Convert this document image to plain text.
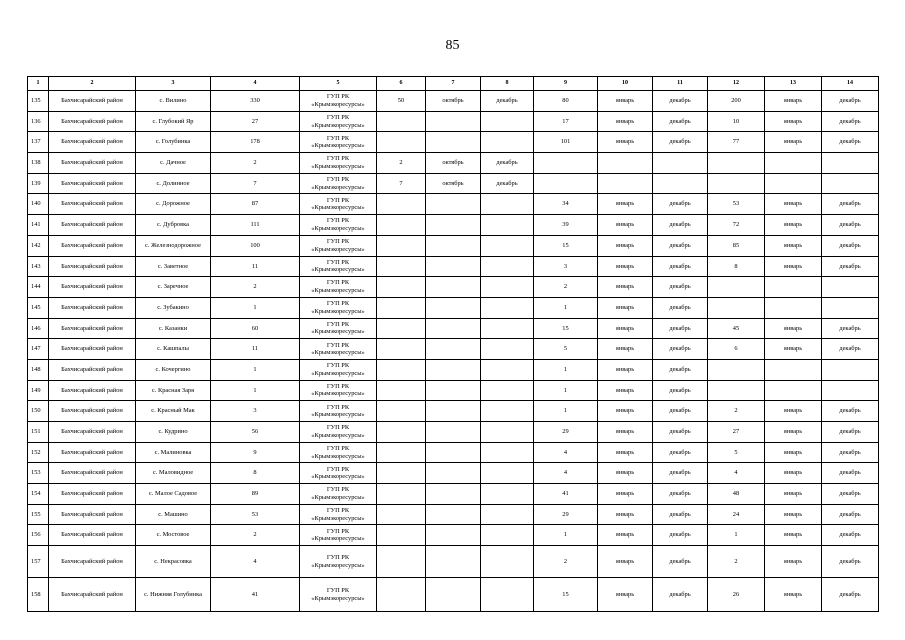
85
1	2	3	4	5	6	7	8	9	10	11	12	13	14
135	Бахчисарайский район	с. Вилино	330	ГУП РК «Крымэкоресурсы»	50	октябрь	декабрь	80	январь	декабрь	200	январь	декабрь
136	Бахчисарайский район	с. Глубокий Яр	27	ГУП РК «Крымэкоресурсы»				17	январь	декабрь	10	январь	декабрь
137	Бахчисарайский район	с. Голубинка	178	ГУП РК «Крымэкоресурсы»				101	январь	декабрь	77	январь	декабрь
138	Бахчисарайский район	с. Дачное	2	ГУП РК «Крымэкоресурсы»	2	октябрь	декабрь						
139	Бахчисарайский район	с. Долинное	7	ГУП РК «Крымэкоресурсы»	7	октябрь	декабрь						
140	Бахчисарайский район	с. Дорожное	87	ГУП РК «Крымэкоресурсы»				34	январь	декабрь	53	январь	декабрь
141	Бахчисарайский район	с. Дубровка	111	ГУП РК «Крымэкоресурсы»				39	январь	декабрь	72	январь	декабрь
142	Бахчисарайский район	с. Железнодорожное	100	ГУП РК «Крымэкоресурсы»				15	январь	декабрь	85	январь	декабрь
143	Бахчисарайский район	с. Заветное	11	ГУП РК «Крымэкоресурсы»				3	январь	декабрь	8	январь	декабрь
144	Бахчисарайский район	с. Заречное	2	ГУП РК «Крымэкоресурсы»				2	январь	декабрь			
145	Бахчисарайский район	с. Зубакино	1	ГУП РК «Крымэкоресурсы»				1	январь	декабрь			
146	Бахчисарайский район	с. Казанки	60	ГУП РК «Крымэкоресурсы»				15	январь	декабрь	45	январь	декабрь
147	Бахчисарайский район	с. Кашпалы	11	ГУП РК «Крымэкоресурсы»				5	январь	декабрь	6	январь	декабрь
148	Бахчисарайский район	с. Кочергино	1	ГУП РК «Крымэкоресурсы»				1	январь	декабрь			
149	Бахчисарайский район	с. Красная Заря	1	ГУП РК «Крымэкоресурсы»				1	январь	декабрь			
150	Бахчисарайский район	с. Красный Мак	3	ГУП РК «Крымэкоресурсы»				1	январь	декабрь	2	январь	декабрь
151	Бахчисарайский район	с. Кудрино	56	ГУП РК «Крымэкоресурсы»				29	январь	декабрь	27	январь	декабрь
152	Бахчисарайский район	с. Малиновка	9	ГУП РК «Крымэкоресурсы»				4	январь	декабрь	5	январь	декабрь
153	Бахчисарайский район	с. Маловидное	8	ГУП РК «Крымэкоресурсы»				4	январь	декабрь	4	январь	декабрь
154	Бахчисарайский район	с. Малое Садовое	89	ГУП РК «Крымэкоресурсы»				41	январь	декабрь	48	январь	декабрь
155	Бахчисарайский район	с. Машино	53	ГУП РК «Крымэкоресурсы»				29	январь	декабрь	24	январь	декабрь
156	Бахчисарайский район	с. Мостовое	2	ГУП РК «Крымэкоресурсы»				1	январь	декабрь	1	январь	декабрь
157	Бахчисарайский район	с. Некрасовка	4	ГУП РК «Крымэкоресурсы»				2	январь	декабрь	2	январь	декабрь
158	Бахчисарайский район	с. Нижняя Голубинка	41	ГУП РК «Крымэкоресурсы»				15	январь	декабрь	26	январь	декабрь
